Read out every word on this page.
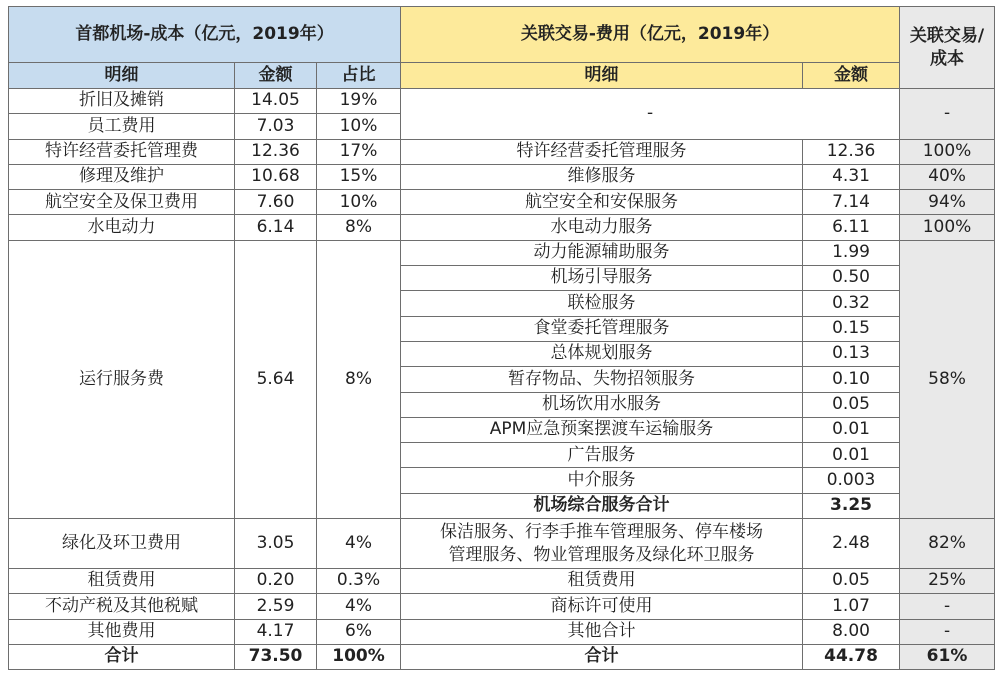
首都机场-成本（亿元，2019年）			关联交易-费用（亿元，2019年）		关联交易/
成本
明细	金额	占比	明细	金额	
折旧及摊销	14.05	19%	-		-
员工费用	7.03	10%			
特许经营委托管理费	12.36	17%	特许经营委托管理服务	12.36	100%
修理及维护	10.68	15%	维修服务	4.31	40%
航空安全及保卫费用	7.60	10%	航空安全和安保服务	7.14	94%
水电动力	6.14	8%	水电动力服务	6.11	100%
运行服务费	5.64	8%	动力能源辅助服务	1.99	58%
			机场引导服务	0.50	
			联检服务	0.32	
			食堂委托管理服务	0.15	
			总体规划服务	0.13	
			暂存物品、失物招领服务	0.10	
			机场饮用水服务	0.05	
			APM应急预案摆渡车运输服务	0.01	
			广告服务	0.01	
			中介服务	0.003	
			机场综合服务合计	3.25	
绿化及环卫费用	3.05	4%	保洁服务、行李手推车管理服务、停车楼场
管理服务、物业管理服务及绿化环卫服务	2.48	82%
租赁费用	0.20	0.3%	租赁费用	0.05	25%
不动产税及其他税赋	2.59	4%	商标许可使用	1.07	-
其他费用	4.17	6%	其他合计	8.00	-
合计	73.50	100%	合计	44.78	61%
